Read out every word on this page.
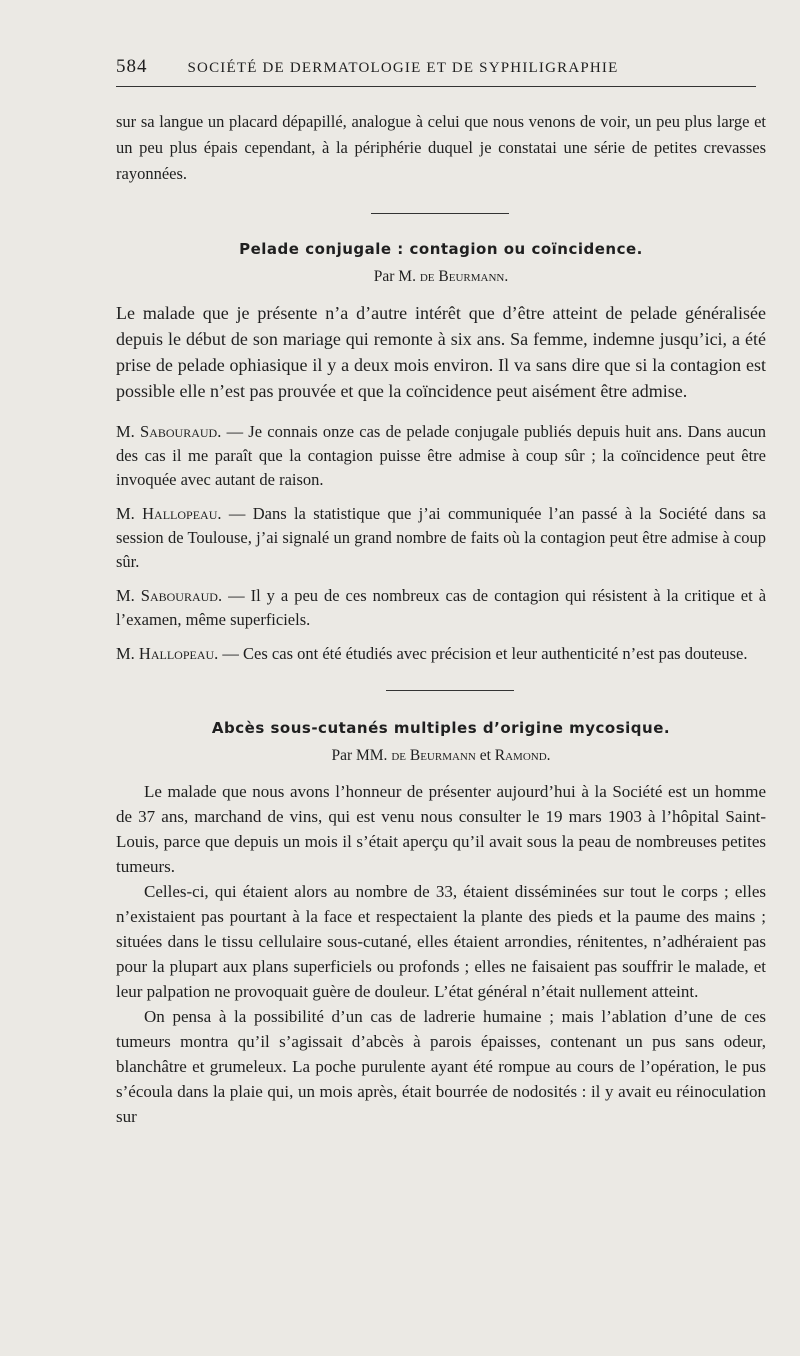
584	SOCIÉTÉ DE DERMATOLOGIE ET DE SYPHILIGRAPHIE

sur sa langue un placard dépapillé, analogue à celui que nous venons de voir, un peu plus large et un peu plus épais cependant, à la périphérie duquel je constatai une série de petites crevasses rayonnées.

Pelade conjugale : contagion ou coïncidence.
Par M. de Beurmann.

Le malade que je présente n’a d’autre intérêt que d’être atteint de pelade généralisée depuis le début de son mariage qui remonte à six ans. Sa femme, indemne jusqu’ici, a été prise de pelade ophiasique il y a deux mois environ. Il va sans dire que si la contagion est possible elle n’est pas prouvée et que la coïncidence peut aisément être admise.

M. Sabouraud. — Je connais onze cas de pelade conjugale publiés depuis huit ans. Dans aucun des cas il me paraît que la contagion puisse être admise à coup sûr ; la coïncidence peut être invoquée avec autant de raison.

M. Hallopeau. — Dans la statistique que j’ai communiquée l’an passé à la Société dans sa session de Toulouse, j’ai signalé un grand nombre de faits où la contagion peut être admise à coup sûr.

M. Sabouraud. — Il y a peu de ces nombreux cas de contagion qui résistent à la critique et à l’examen, même superficiels.

M. Hallopeau. — Ces cas ont été étudiés avec précision et leur authenticité n’est pas douteuse.

Abcès sous-cutanés multiples d’origine mycosique.
Par MM. de Beurmann et Ramond.

Le malade que nous avons l’honneur de présenter aujourd’hui à la Société est un homme de 37 ans, marchand de vins, qui est venu nous consulter le 19 mars 1903 à l’hôpital Saint-Louis, parce que depuis un mois il s’était aperçu qu’il avait sous la peau de nombreuses petites tumeurs.

Celles-ci, qui étaient alors au nombre de 33, étaient disséminées sur tout le corps ; elles n’existaient pas pourtant à la face et respectaient la plante des pieds et la paume des mains ; situées dans le tissu cellulaire sous-cutané, elles étaient arrondies, rénitentes, n’adhéraient pas pour la plupart aux plans superficiels ou profonds ; elles ne faisaient pas souffrir le malade, et leur palpation ne provoquait guère de douleur. L’état général n’était nullement atteint.

On pensa à la possibilité d’un cas de ladrerie humaine ; mais l’ablation d’une de ces tumeurs montra qu’il s’agissait d’abcès à parois épaisses, contenant un pus sans odeur, blanchâtre et grumeleux. La poche purulente ayant été rompue au cours de l’opération, le pus s’écoula dans la plaie qui, un mois après, était bourrée de nodosités : il y avait eu réinoculation sur
